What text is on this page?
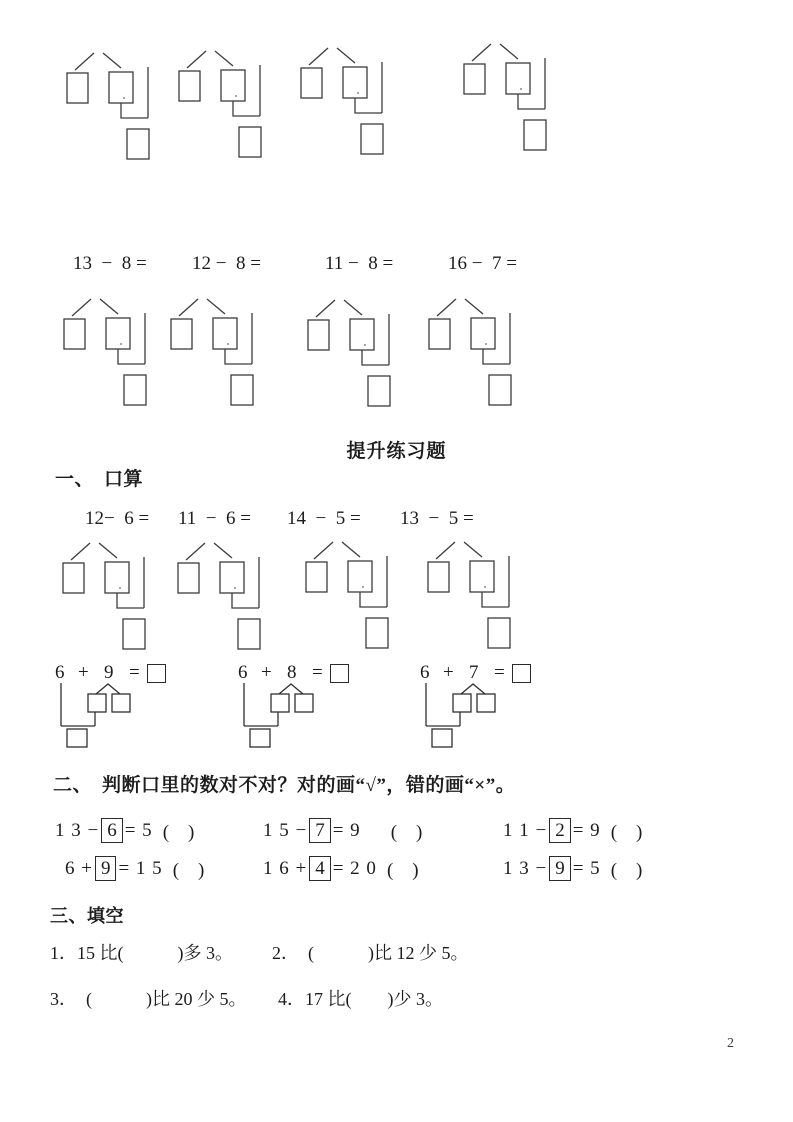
13  −  8 = 12 −  8 =	11 −  8 =	16 −  7 =
提升练习题
一、　口算
12−  6 = 11  −  6 = 14  −  5 = 13  −  5 =
6 + 9 =	6 + 8 =	6 + 7 =
二、　判断口里的数对不对？对的画“√”，错的画“×”。
1 3 − 6 = 5 (　)	1 5 − 7 = 9 (　)	1 1 − 2 = 9 (　)
6 + 9 = 1 5 (　)	1 6 + 4 = 2 0 (　)	1 3 − 9 = 5 (　)
三、填空
1．15 比(　　　)多 3。 2．　(　　　)比 12 少 5。
3．　(　　　)比 20 少 5。 4．17 比(　　)少 3。
2
